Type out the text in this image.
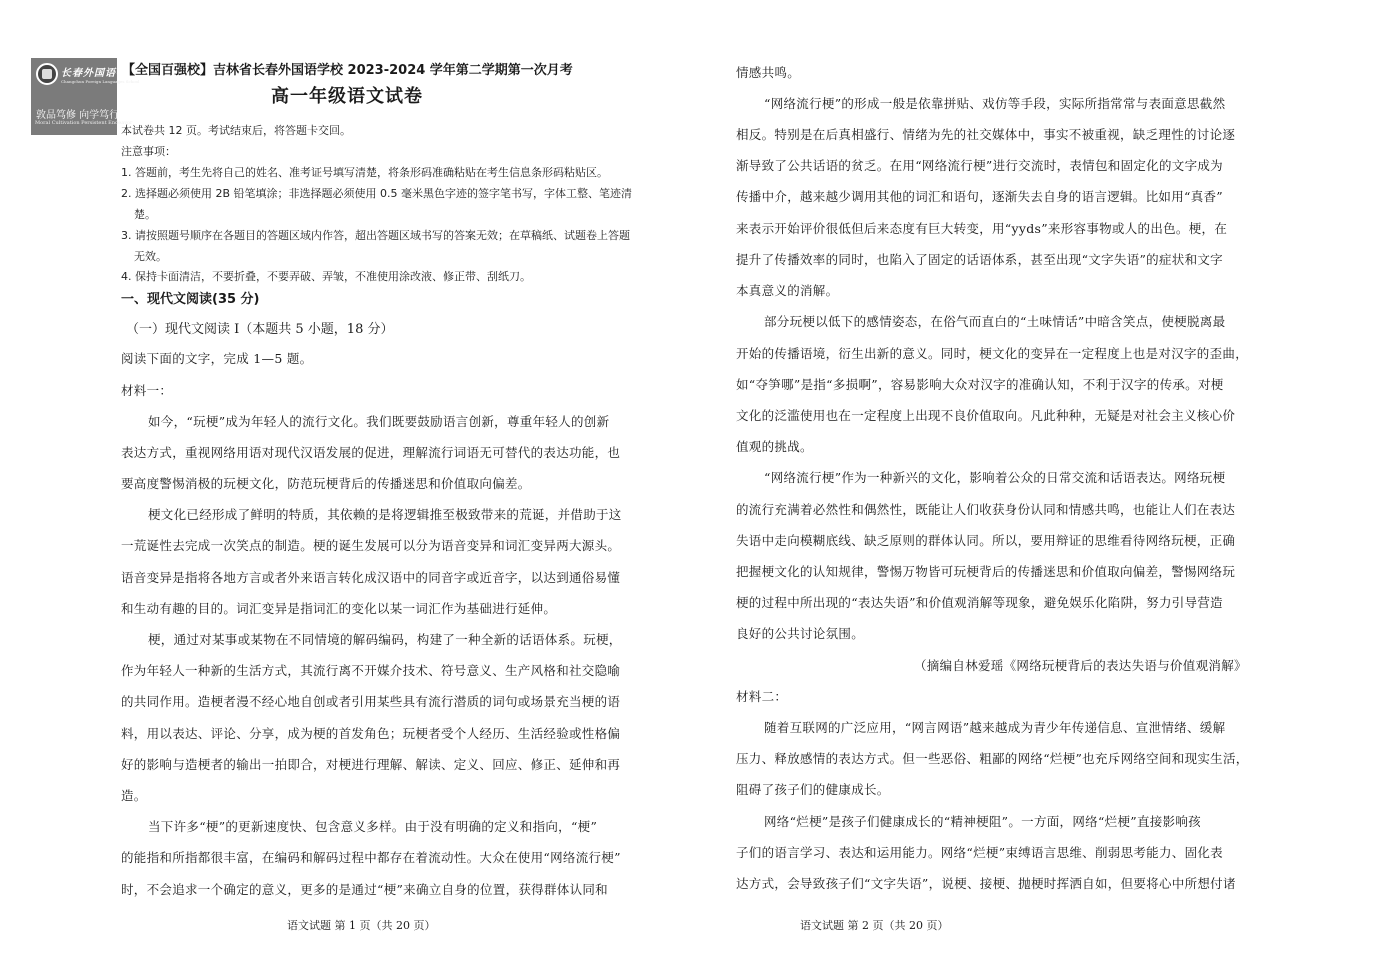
长春外国语学校
Changchun Foreign Languages School
敦品笃修 向学笃行
Moral Cultivation Persistent Endeavor
【全国百强校】吉林省长春外国语学校 2023-2024 学年第二学期第一次月考
高一年级语文试卷
本试卷共 12 页。考试结束后，将答题卡交回。
注意事项：
1. 答题前，考生先将自己的姓名、准考证号填写清楚，将条形码准确粘贴在考生信息条形码粘贴区。
2. 选择题必须使用 2B 铅笔填涂；非选择题必须使用 0.5 毫米黑色字迹的签字笔书写，字体工整、笔迹清
楚。
3. 请按照题号顺序在各题目的答题区域内作答，超出答题区域书写的答案无效；在草稿纸、试题卷上答题
无效。
4. 保持卡面清洁，不要折叠，不要弄破、弄皱，不准使用涂改液、修正带、刮纸刀。
一、现代文阅读(35 分)
（一）现代文阅读 I（本题共 5 小题，18 分）
阅读下面的文字，完成 1—5 题。
材料一：
如今，“玩梗”成为年轻人的流行文化。我们既要鼓励语言创新，尊重年轻人的创新
表达方式，重视网络用语对现代汉语发展的促进，理解流行词语无可替代的表达功能，也
要高度警惕消极的玩梗文化，防范玩梗背后的传播迷思和价值取向偏差。
梗文化已经形成了鲜明的特质，其依赖的是将逻辑推至极致带来的荒诞，并借助于这
一荒诞性去完成一次笑点的制造。梗的诞生发展可以分为语音变异和词汇变异两大源头。
语音变异是指将各地方言或者外来语言转化成汉语中的同音字或近音字，以达到通俗易懂
和生动有趣的目的。词汇变异是指词汇的变化以某一词汇作为基础进行延伸。
梗，通过对某事或某物在不同情境的解码编码，构建了一种全新的话语体系。玩梗，
作为年轻人一种新的生活方式，其流行离不开媒介技术、符号意义、生产风格和社交隐喻
的共同作用。造梗者漫不经心地自创或者引用某些具有流行潜质的词句或场景充当梗的语
料，用以表达、评论、分享，成为梗的首发角色；玩梗者受个人经历、生活经验或性格偏
好的影响与造梗者的输出一拍即合，对梗进行理解、解读、定义、回应、修正、延伸和再
造。
当下许多“梗”的更新速度快、包含意义多样。由于没有明确的定义和指向，“梗”
的能指和所指都很丰富，在编码和解码过程中都存在着流动性。大众在使用“网络流行梗”
时，不会追求一个确定的意义，更多的是通过“梗”来确立自身的位置，获得群体认同和
语文试题 第 1 页（共 20 页）
情感共鸣。
“网络流行梗”的形成一般是依靠拼贴、戏仿等手段，实际所指常常与表面意思截然
相反。特别是在后真相盛行、情绪为先的社交媒体中，事实不被重视，缺乏理性的讨论逐
渐导致了公共话语的贫乏。在用“网络流行梗”进行交流时，表情包和固定化的文字成为
传播中介，越来越少调用其他的词汇和语句，逐渐失去自身的语言逻辑。比如用“真香”
来表示开始评价很低但后来态度有巨大转变，用“yyds”来形容事物或人的出色。梗，在
提升了传播效率的同时，也陷入了固定的话语体系，甚至出现“文字失语”的症状和文字
本真意义的消解。
部分玩梗以低下的感情姿态，在俗气而直白的“土味情话”中暗含笑点，使梗脱离最
开始的传播语境，衍生出新的意义。同时，梗文化的变异在一定程度上也是对汉字的歪曲，
如“夺笋哪”是指“多损啊”，容易影响大众对汉字的准确认知，不利于汉字的传承。对梗
文化的泛滥使用也在一定程度上出现不良价值取向。凡此种种，无疑是对社会主义核心价
值观的挑战。
“网络流行梗”作为一种新兴的文化，影响着公众的日常交流和话语表达。网络玩梗
的流行充满着必然性和偶然性，既能让人们收获身份认同和情感共鸣，也能让人们在表达
失语中走向模糊底线、缺乏原则的群体认同。所以，要用辩证的思维看待网络玩梗，正确
把握梗文化的认知规律，警惕万物皆可玩梗背后的传播迷思和价值取向偏差，警惕网络玩
梗的过程中所出现的“表达失语”和价值观消解等现象，避免娱乐化陷阱，努力引导营造
良好的公共讨论氛围。
（摘编自林爱瑶《网络玩梗背后的表达失语与价值观消解》
材料二：
随着互联网的广泛应用，“网言网语”越来越成为青少年传递信息、宣泄情绪、缓解
压力、释放感情的表达方式。但一些恶俗、粗鄙的网络“烂梗”也充斥网络空间和现实生活，
阻碍了孩子们的健康成长。
网络“烂梗”是孩子们健康成长的“精神梗阻”。一方面，网络“烂梗”直接影响孩
子们的语言学习、表达和运用能力。网络“烂梗”束缚语言思维、削弱思考能力、固化表
达方式，会导致孩子们“文字失语”，说梗、接梗、抛梗时挥洒自如，但要将心中所想付诸
语文试题 第 2 页（共 20 页）
